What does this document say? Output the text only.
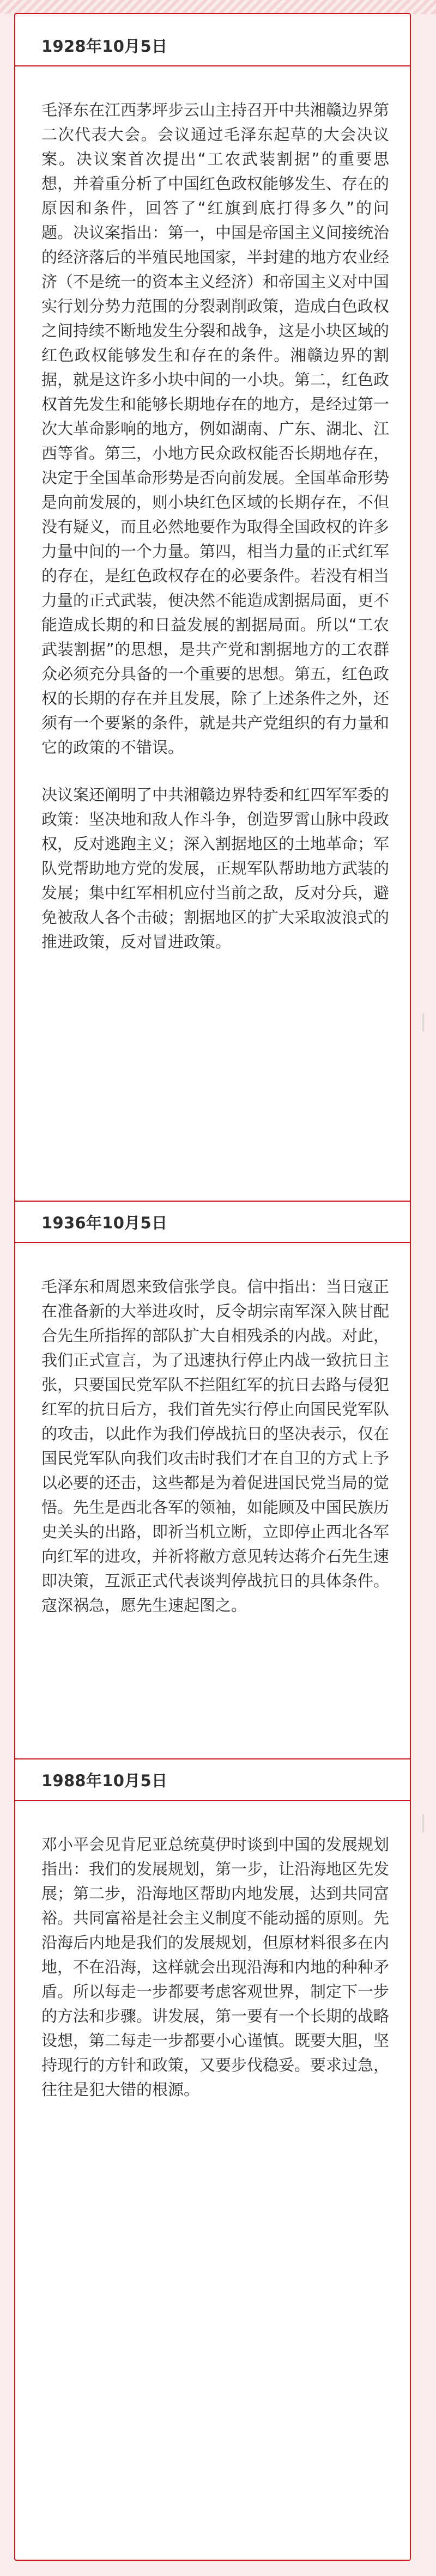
1928年10月5日

毛泽东在江西茅坪步云山主持召开中共湘赣边界第二次代表大会。会议通过毛泽东起草的大会决议案。决议案首次提出“工农武装割据”的重要思想，并着重分析了中国红色政权能够发生、存在的原因和条件，回答了“红旗到底打得多久”的问题。决议案指出：第一，中国是帝国主义间接统治的经济落后的半殖民地国家，半封建的地方农业经济（不是统一的资本主义经济）和帝国主义对中国实行划分势力范围的分裂剥削政策，造成白色政权之间持续不断地发生分裂和战争，这是小块区域的红色政权能够发生和存在的条件。湘赣边界的割据，就是这许多小块中间的一小块。第二，红色政权首先发生和能够长期地存在的地方，是经过第一次大革命影响的地方，例如湖南、广东、湖北、江西等省。第三，小地方民众政权能否长期地存在，决定于全国革命形势是否向前发展。全国革命形势是向前发展的，则小块红色区域的长期存在，不但没有疑义，而且必然地要作为取得全国政权的许多力量中间的一个力量。第四，相当力量的正式红军的存在，是红色政权存在的必要条件。若没有相当力量的正式武装，便决然不能造成割据局面，更不能造成长期的和日益发展的割据局面。所以“工农武装割据”的思想，是共产党和割据地方的工农群众必须充分具备的一个重要的思想。第五，红色政权的长期的存在并且发展，除了上述条件之外，还须有一个要紧的条件，就是共产党组织的有力量和它的政策的不错误。

决议案还阐明了中共湘赣边界特委和红四军军委的政策：坚决地和敌人作斗争，创造罗霄山脉中段政权，反对逃跑主义；深入割据地区的土地革命；军队党帮助地方党的发展，正规军队帮助地方武装的发展；集中红军相机应付当前之敌，反对分兵，避免被敌人各个击破；割据地区的扩大采取波浪式的推进政策，反对冒进政策。

1936年10月5日

毛泽东和周恩来致信张学良。信中指出：当日寇正在准备新的大举进攻时，反令胡宗南军深入陕甘配合先生所指挥的部队扩大自相残杀的内战。对此，我们正式宣言，为了迅速执行停止内战一致抗日主张，只要国民党军队不拦阻红军的抗日去路与侵犯红军的抗日后方，我们首先实行停止向国民党军队的攻击，以此作为我们停战抗日的坚决表示，仅在国民党军队向我们攻击时我们才在自卫的方式上予以必要的还击，这些都是为着促进国民党当局的觉悟。先生是西北各军的领袖，如能顾及中国民族历史关头的出路，即祈当机立断，立即停止西北各军向红军的进攻，并祈将敝方意见转达蒋介石先生速即决策，互派正式代表谈判停战抗日的具体条件。寇深祸急，愿先生速起图之。

1988年10月5日

邓小平会见肯尼亚总统莫伊时谈到中国的发展规划指出：我们的发展规划，第一步，让沿海地区先发展；第二步，沿海地区帮助内地发展，达到共同富裕。共同富裕是社会主义制度不能动摇的原则。先沿海后内地是我们的发展规划，但原材料很多在内地，不在沿海，这样就会出现沿海和内地的种种矛盾。所以每走一步都要考虑客观世界，制定下一步的方法和步骤。讲发展，第一要有一个长期的战略设想，第二每走一步都要小心谨慎。既要大胆，坚持现行的方针和政策，又要步伐稳妥。要求过急，往往是犯大错的根源。
